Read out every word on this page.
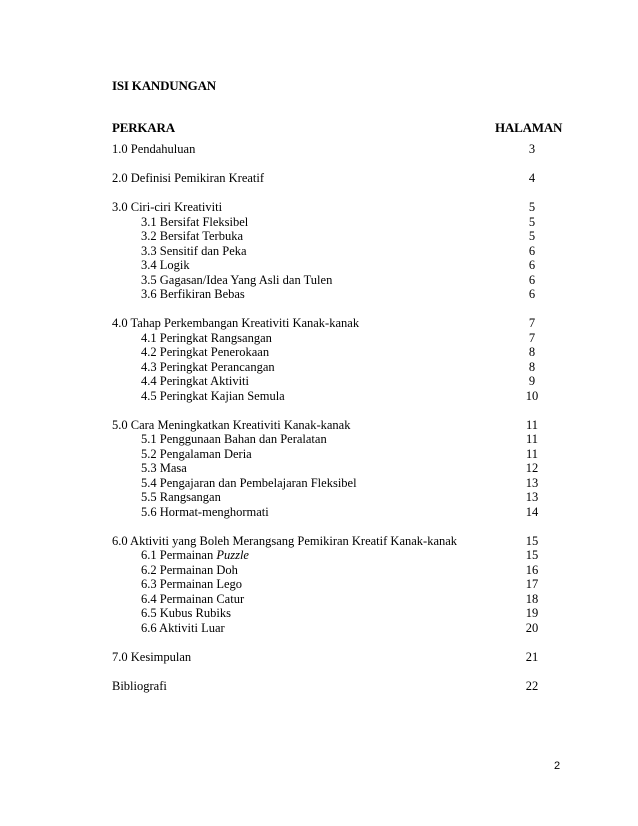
ISI KANDUNGAN
PERKARA	HALAMAN
1.0 Pendahuluan	3
2.0 Definisi Pemikiran Kreatif	4
3.0 Ciri-ciri Kreativiti	5
3.1 Bersifat Fleksibel	5
3.2 Bersifat Terbuka	5
3.3 Sensitif dan Peka	6
3.4 Logik	6
3.5 Gagasan/Idea Yang Asli dan Tulen	6
3.6 Berfikiran Bebas	6
4.0 Tahap Perkembangan Kreativiti Kanak-kanak	7
4.1 Peringkat Rangsangan	7
4.2 Peringkat Penerokaan	8
4.3 Peringkat Perancangan	8
4.4 Peringkat Aktiviti	9
4.5 Peringkat Kajian Semula	10
5.0 Cara Meningkatkan Kreativiti Kanak-kanak	11
5.1 Penggunaan Bahan dan Peralatan	11
5.2 Pengalaman Deria	11
5.3 Masa	12
5.4 Pengajaran dan Pembelajaran Fleksibel	13
5.5 Rangsangan	13
5.6 Hormat-menghormati	14
6.0 Aktiviti yang Boleh Merangsang Pemikiran Kreatif Kanak-kanak	15
6.1 Permainan Puzzle	15
6.2 Permainan Doh	16
6.3 Permainan Lego	17
6.4 Permainan Catur	18
6.5 Kubus Rubiks	19
6.6 Aktiviti Luar	20
7.0 Kesimpulan	21
Bibliografi	22
2
